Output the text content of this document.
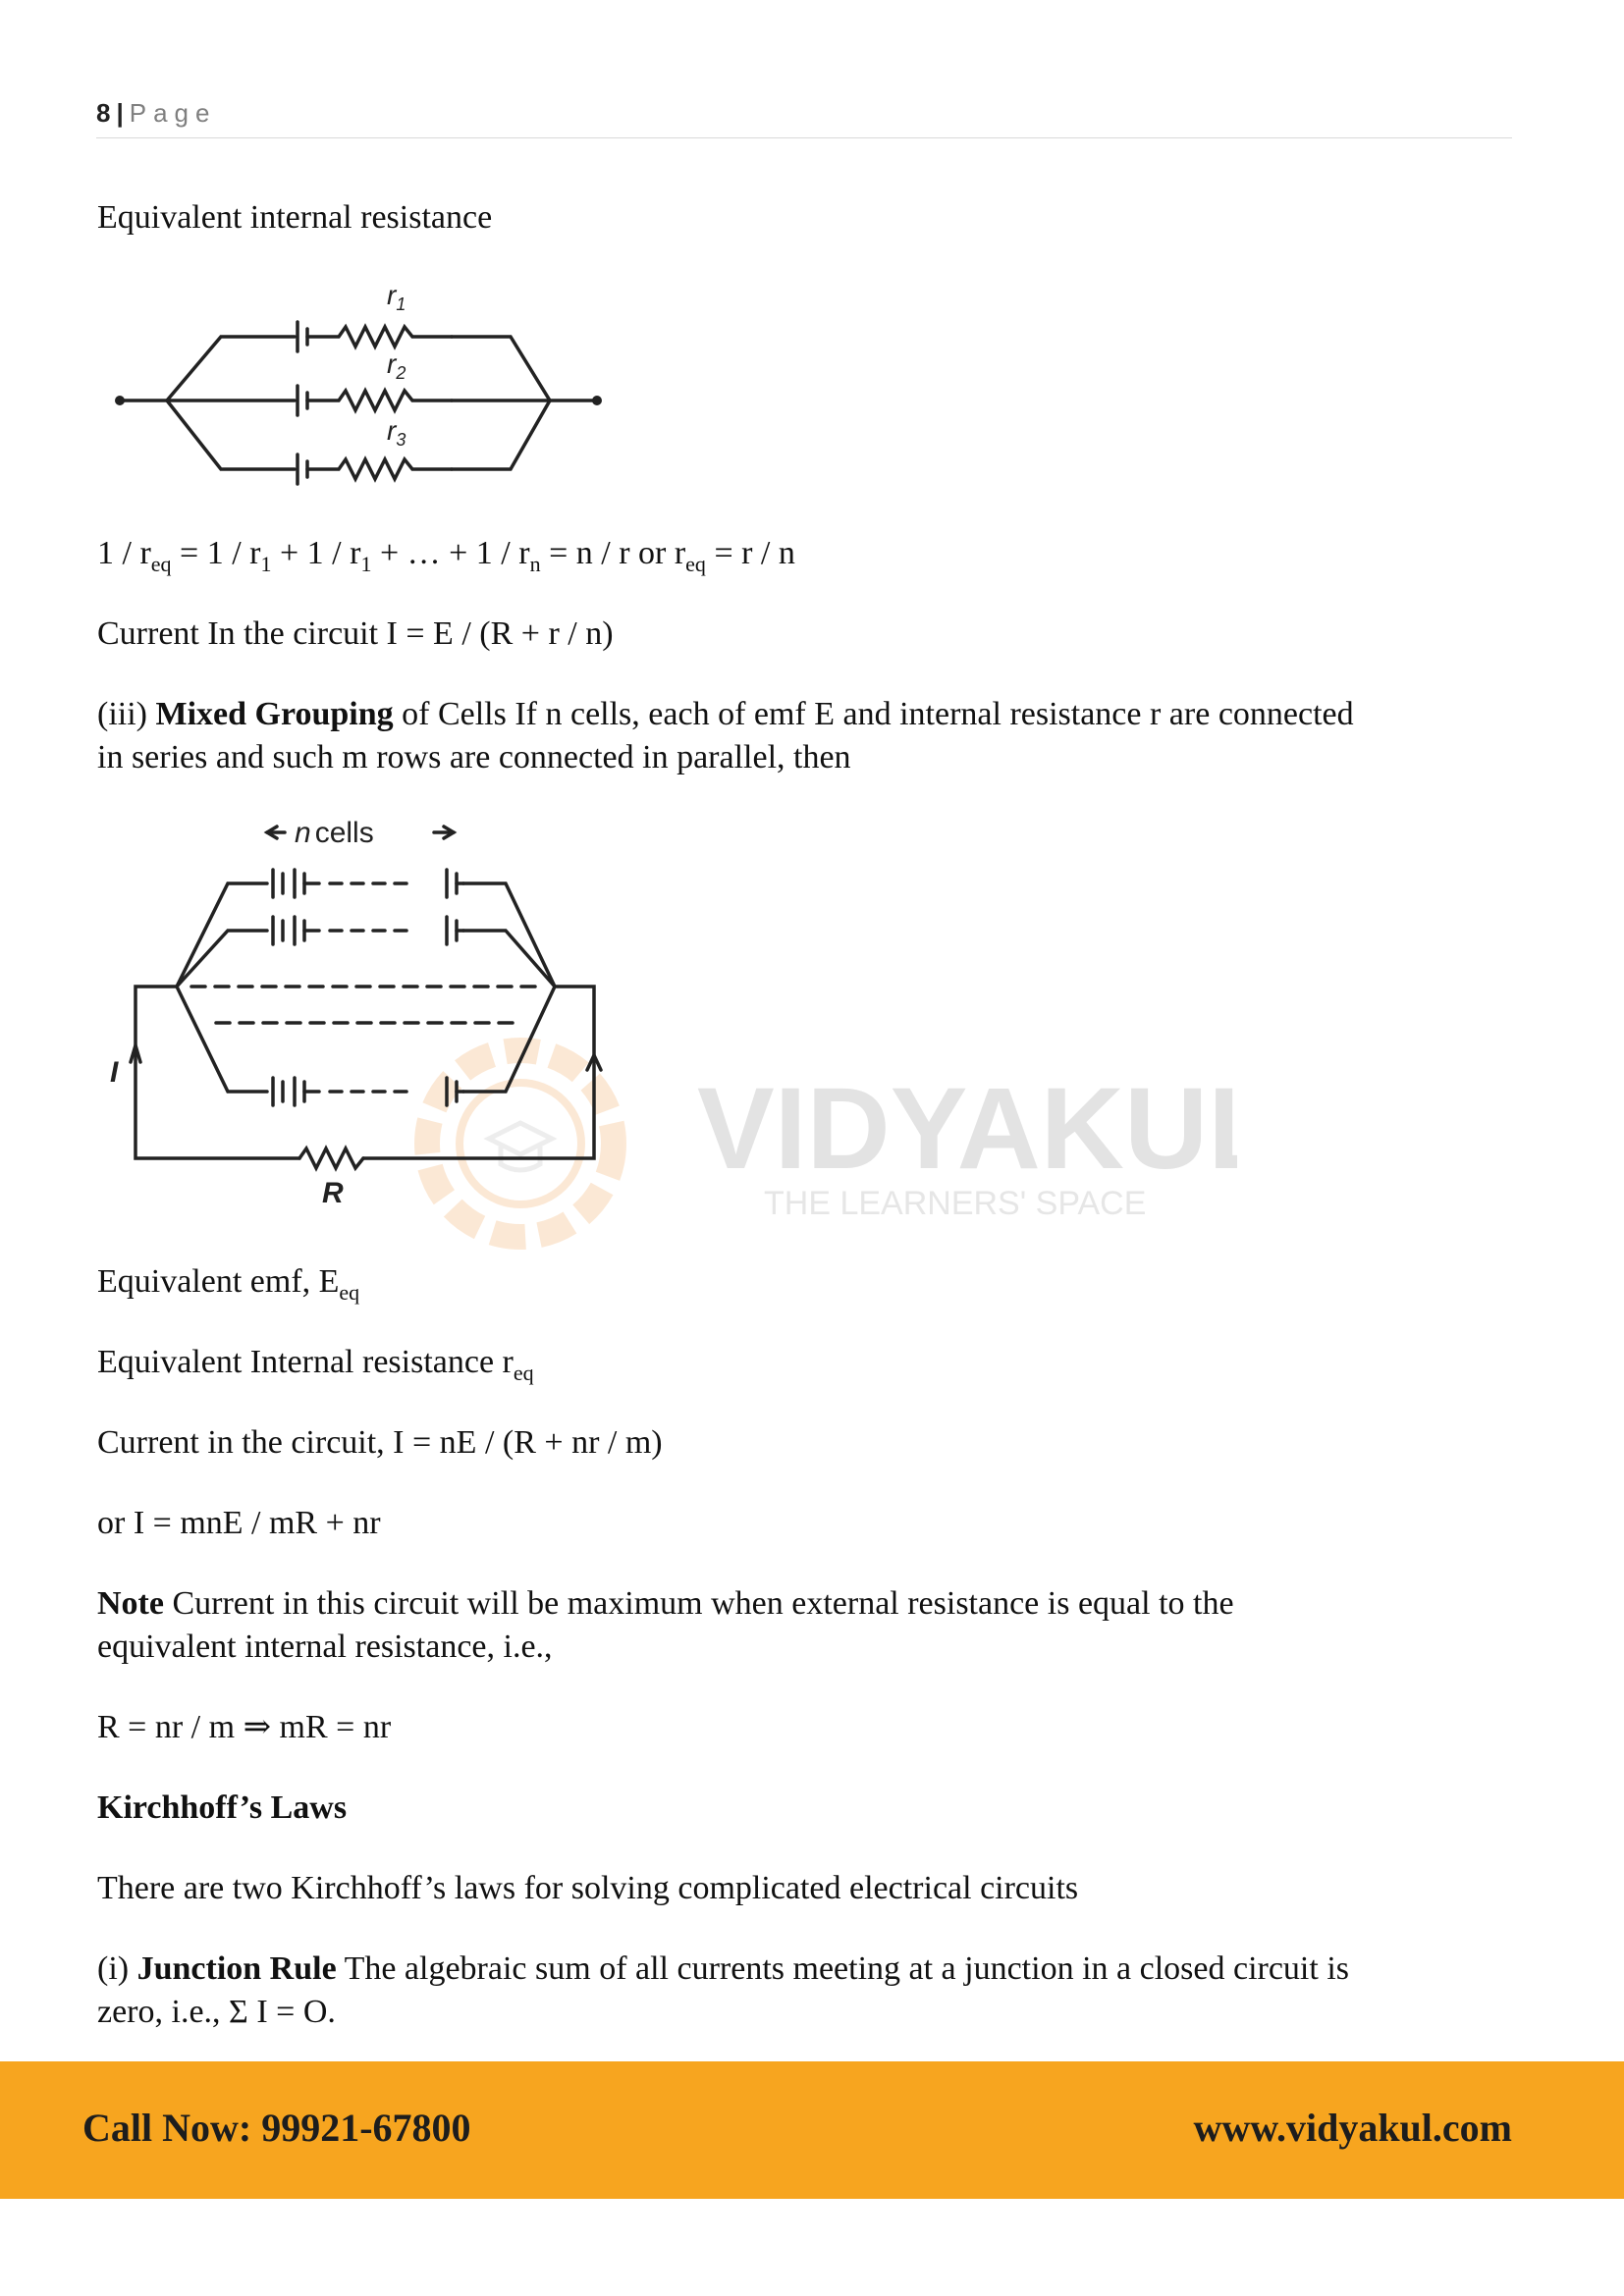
8 | Page
VIDYAKUL
THE LEARNERS' SPACE
Equivalent internal resistance
$r_1$
$r_2$
$r_3$
$1 / r_{eq} = 1 / r_1 + 1 / r_1$ + … + $1 / r_n = n / r$ or $r_{eq} = r / n$
Current In the circuit I = E / (R + r / n)
(iii) Mixed Grouping of Cells If n cells, each of emf E and internal resistance r are connected
in series and such m rows are connected in parallel, then
n cells
I
R
Equivalent emf, $E_{eq}$
Equivalent Internal resistance $r_{eq}$
Current in the circuit, I = nE / (R + nr / m)
or I = mnE / mR + nr
Note Current in this circuit will be maximum when external resistance is equal to the
equivalent internal resistance, i.e.,
R = nr / m ⇒ mR = nr
Kirchhoff’s Laws
There are two Kirchhoff’s laws for solving complicated electrical circuits
(i) Junction Rule The algebraic sum of all currents meeting at a junction in a closed circuit is
zero, i.e., Σ I = O.
Call Now: 99921-67800	www.vidyakul.com
